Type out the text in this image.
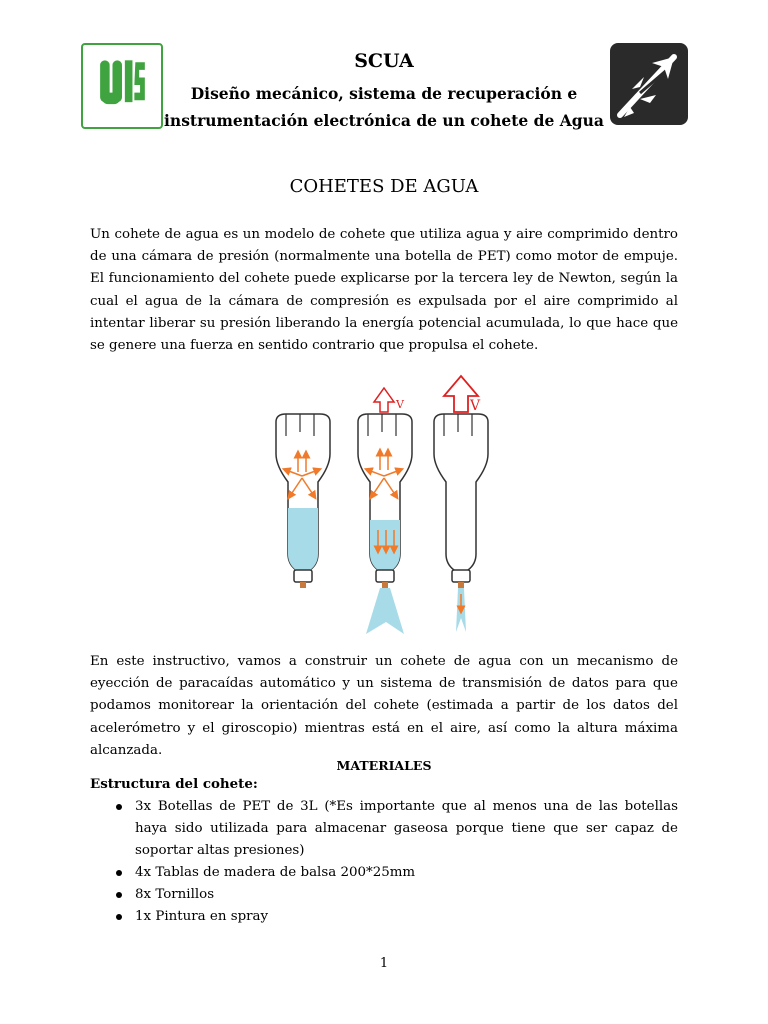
SCUA
Diseño mecánico, sistema de recuperación e instrumentación electrónica de un cohete de Agua
COHETES DE AGUA
Un cohete de agua es un modelo de cohete que utiliza agua y aire comprimido dentro de una cámara de presión (normalmente una botella de PET) como motor de empuje. El funcionamiento del cohete puede explicarse por la tercera ley de Newton, según la cual el agua de la cámara de compresión es expulsada por el aire comprimido al intentar liberar su presión liberando la energía potencial acumulada, lo que hace que se genere una fuerza en sentido contrario que propulsa el cohete.
V	V
En este instructivo, vamos a construir un cohete de agua con un mecanismo de eyección de paracaídas automático y un sistema de transmisión de datos para que podamos monitorear la orientación del cohete (estimada a partir de los datos del acelerómetro y el giroscopio) mientras está en el aire, así como la altura máxima alcanzada.
MATERIALES
Estructura del cohete:
3x Botellas de PET de 3L (*Es importante que al menos una de las botellas haya sido utilizada para almacenar gaseosa porque tiene que ser capaz de soportar altas presiones)
4x Tablas de madera de balsa 200*25mm
8x Tornillos
1x Pintura en spray
1
